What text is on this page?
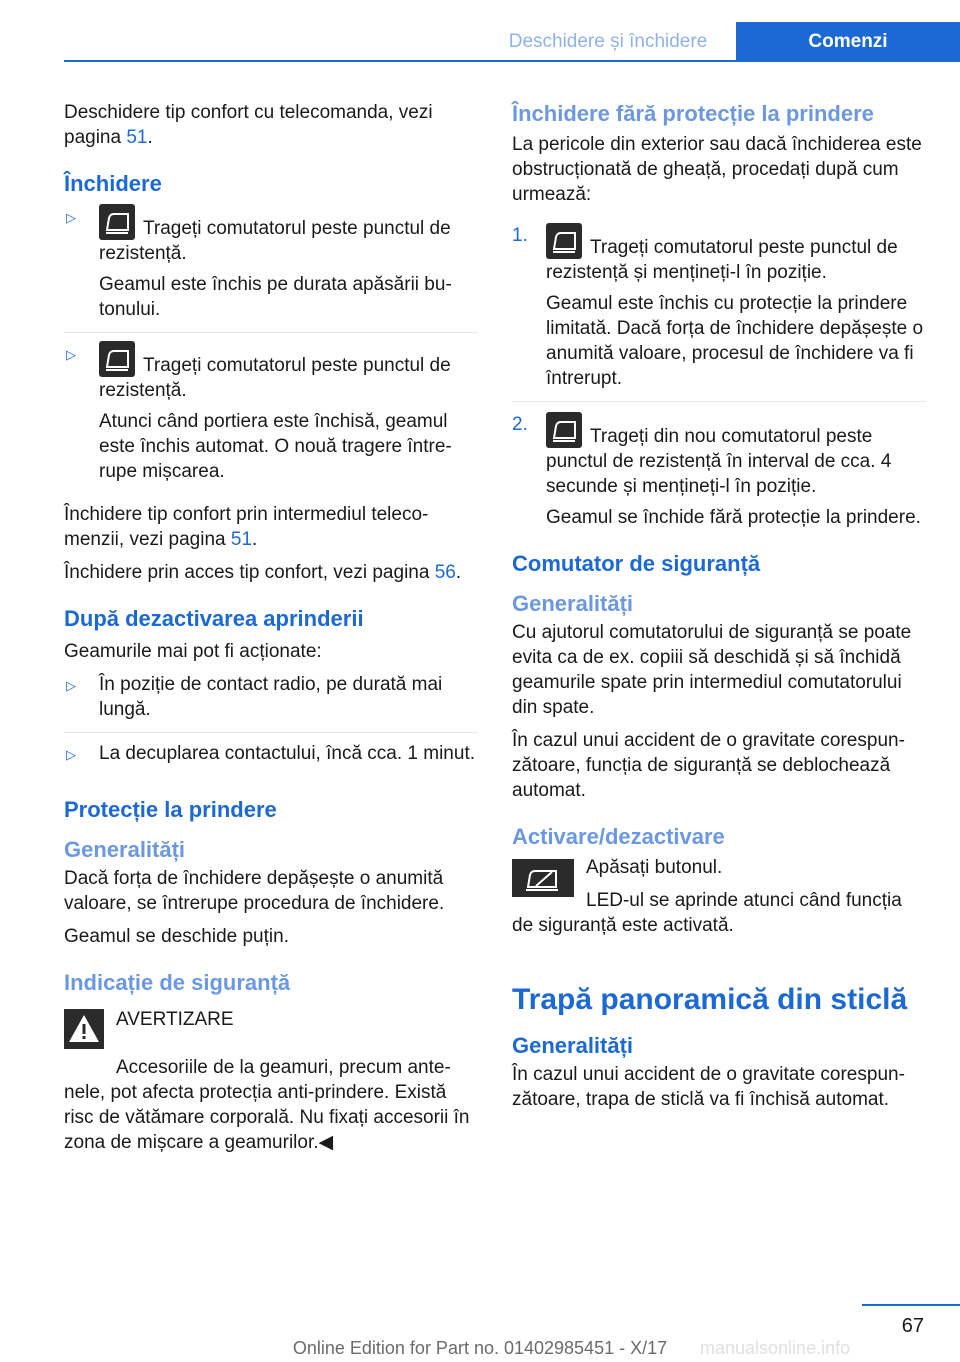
Deschidere și închidere	Comenzi

Deschidere tip confort cu telecomanda, vezi pagina 51.

Închidere
▷
Trageți comutatorul peste punctul de rezistență.

Geamul este închis pe durata apăsării butonului.

▷
Trageți comutatorul peste punctul de rezistență.

Atunci când portiera este închisă, geamul este închis automat. O nouă tragere întrerupe mișcarea.

Închidere tip confort prin intermediul telecomenzii, vezi pagina 51.

Închidere prin acces tip confort, vezi pagina 56.

După dezactivarea aprinderii

Geamurile mai pot fi acționate:

▷ În poziție de contact radio, pe durată mai lungă.
▷ La decuplarea contactului, încă cca. 1 minut.
Protecție la prindere
Generalități

Dacă forța de închidere depășește o anumită valoare, se întrerupe procedura de închidere.

Geamul se deschide puțin.

Indicație de siguranță
AVERTIZARE

Accesoriile de la geamuri, precum antenele, pot afecta protecția anti-prindere. Există risc de vătămare corporală. Nu fixați accesorii în zona de mișcare a geamurilor.◀

Închidere fără protecție la prindere

La pericole din exterior sau dacă închiderea este obstrucționată de gheață, procedați după cum urmează:

1.
Trageți comutatorul peste punctul de rezistență și mențineți-l în poziție.

Geamul este închis cu protecție la prindere limitată. Dacă forța de închidere depășește o anumită valoare, procesul de închidere va fi întrerupt.

2.
Trageți din nou comutatorul peste punctul de rezistență în interval de cca. 4 secunde și mențineți-l în poziție.

Geamul se închide fără protecție la prindere.

Comutator de siguranță
Generalități

Cu ajutorul comutatorului de siguranță se poate evita ca de ex. copiii să deschidă și să închidă geamurile spate prin intermediul comutatorului din spate.

În cazul unui accident de o gravitate corespunzătoare, funcția de siguranță se deblochează automat.

Activare/dezactivare

Apăsați butonul.

LED-ul se aprinde atunci când funcția de siguranță este activată.

Trapă panoramică din sticlă
Generalități

În cazul unui accident de o gravitate corespunzătoare, trapa de sticlă va fi închisă automat.

67
manualsonline.info
Online Edition for Part no. 01402985451 - X/17
